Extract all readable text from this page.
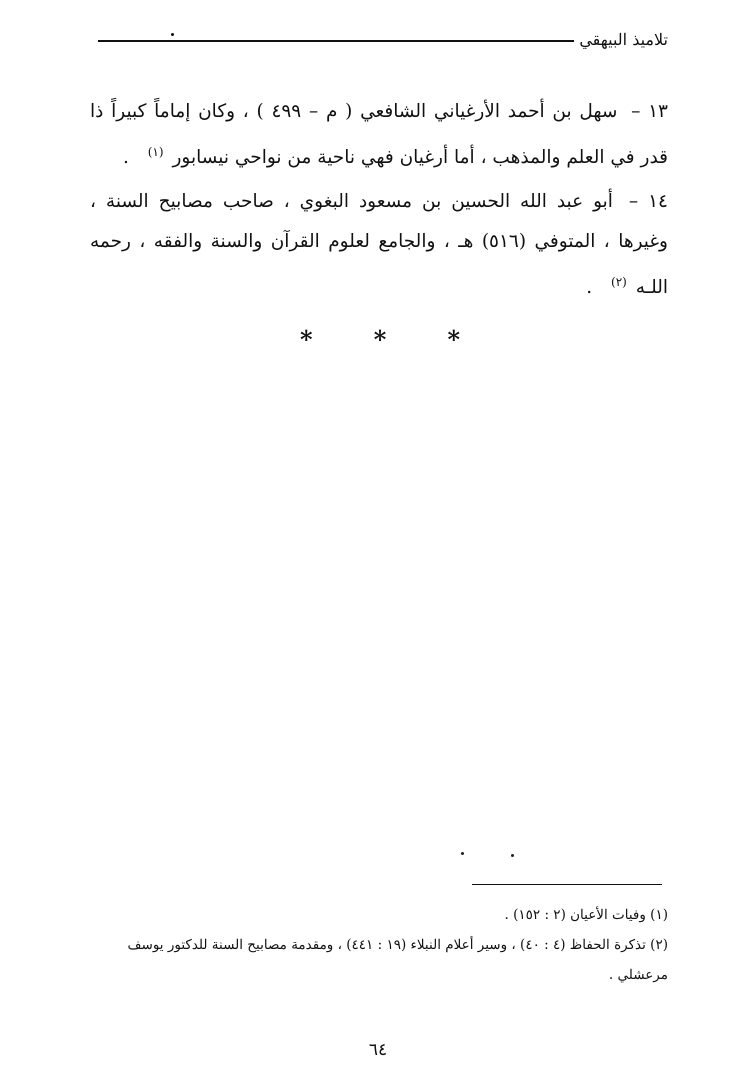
تلاميذ البيهقي

١٣ – سهل بن أحمد الأرغياني الشافعي ( م – ٤٩٩ ) ، وكان إماماً كبيراً ذا قدر في العلم والمذهب ، أما أرغيان فهي ناحية من نواحي نيسابور $^{(١)}$ .

١٤ – أبو عبد الله الحسين بن مسعود البغوي ، صاحب مصابيح السنة ، وغيرها ، المتوفي (٥١٦) هـ ، والجامع لعلوم القرآن والسنة والفقه ، رحمه اللـه $^{(٢)}$ .

*	*	*

(١) وفيات الأعيان (٢ : ١٥٢) .

(٢) تذكرة الحفاظ (٤ : ٤٠) ، وسير أعلام النبلاء (١٩ : ٤٤١) ، ومقدمة مصابيح السنة للدكتور يوسف مرعشلي .

٦٤
